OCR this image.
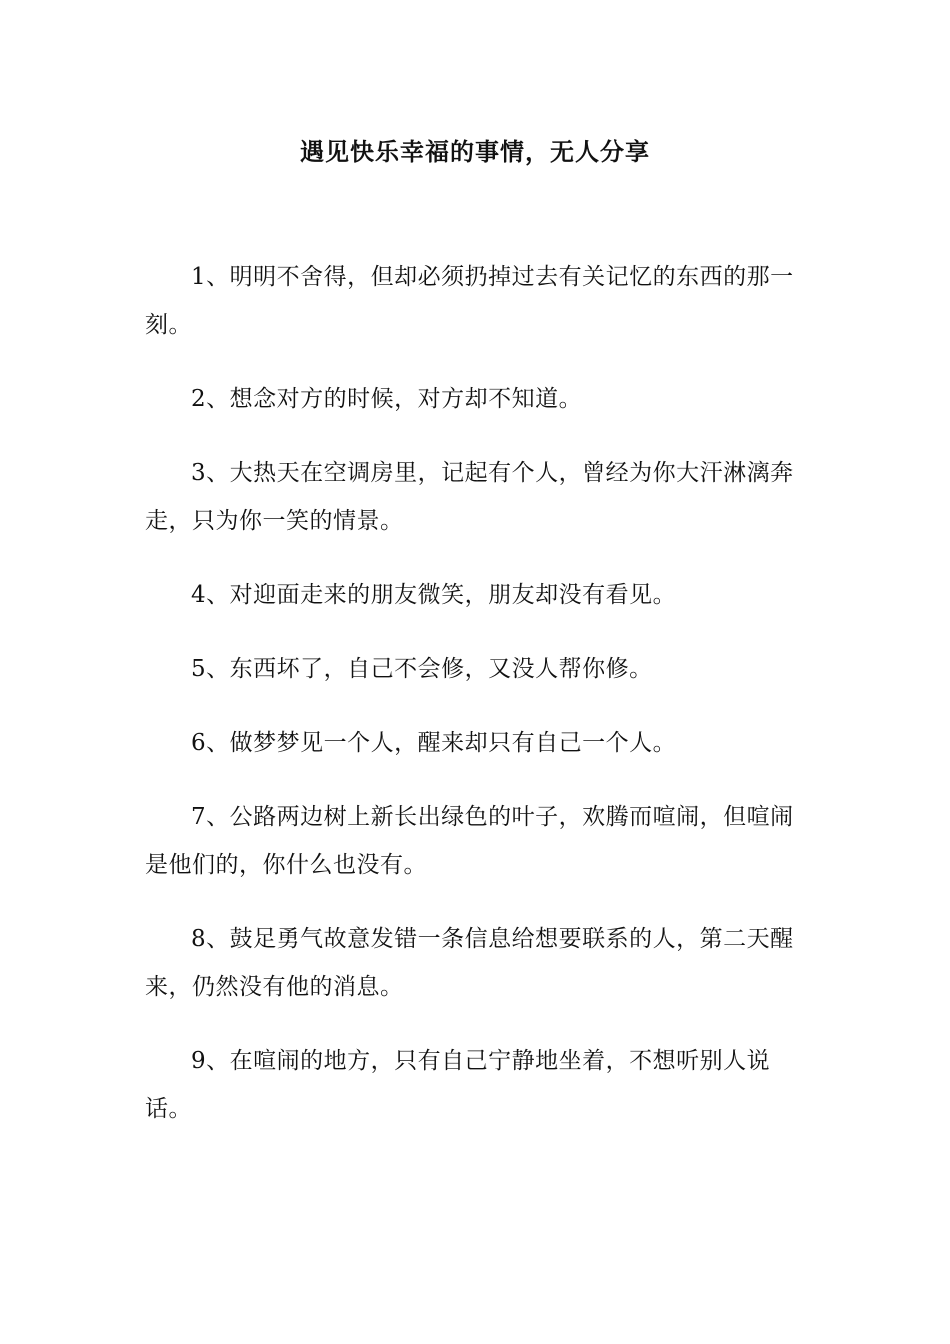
遇见快乐幸福的事情，无人分享

1、明明不舍得，但却必须扔掉过去有关记忆的东西的那一刻。

2、想念对方的时候，对方却不知道。

3、大热天在空调房里，记起有个人，曾经为你大汗淋漓奔走，只为你一笑的情景。

4、对迎面走来的朋友微笑，朋友却没有看见。

5、东西坏了，自己不会修，又没人帮你修。

6、做梦梦见一个人，醒来却只有自己一个人。

7、公路两边树上新长出绿色的叶子，欢腾而喧闹，但喧闹是他们的，你什么也没有。

8、鼓足勇气故意发错一条信息给想要联系的人，第二天醒来，仍然没有他的消息。

9、在喧闹的地方，只有自己宁静地坐着，不想听别人说话。
